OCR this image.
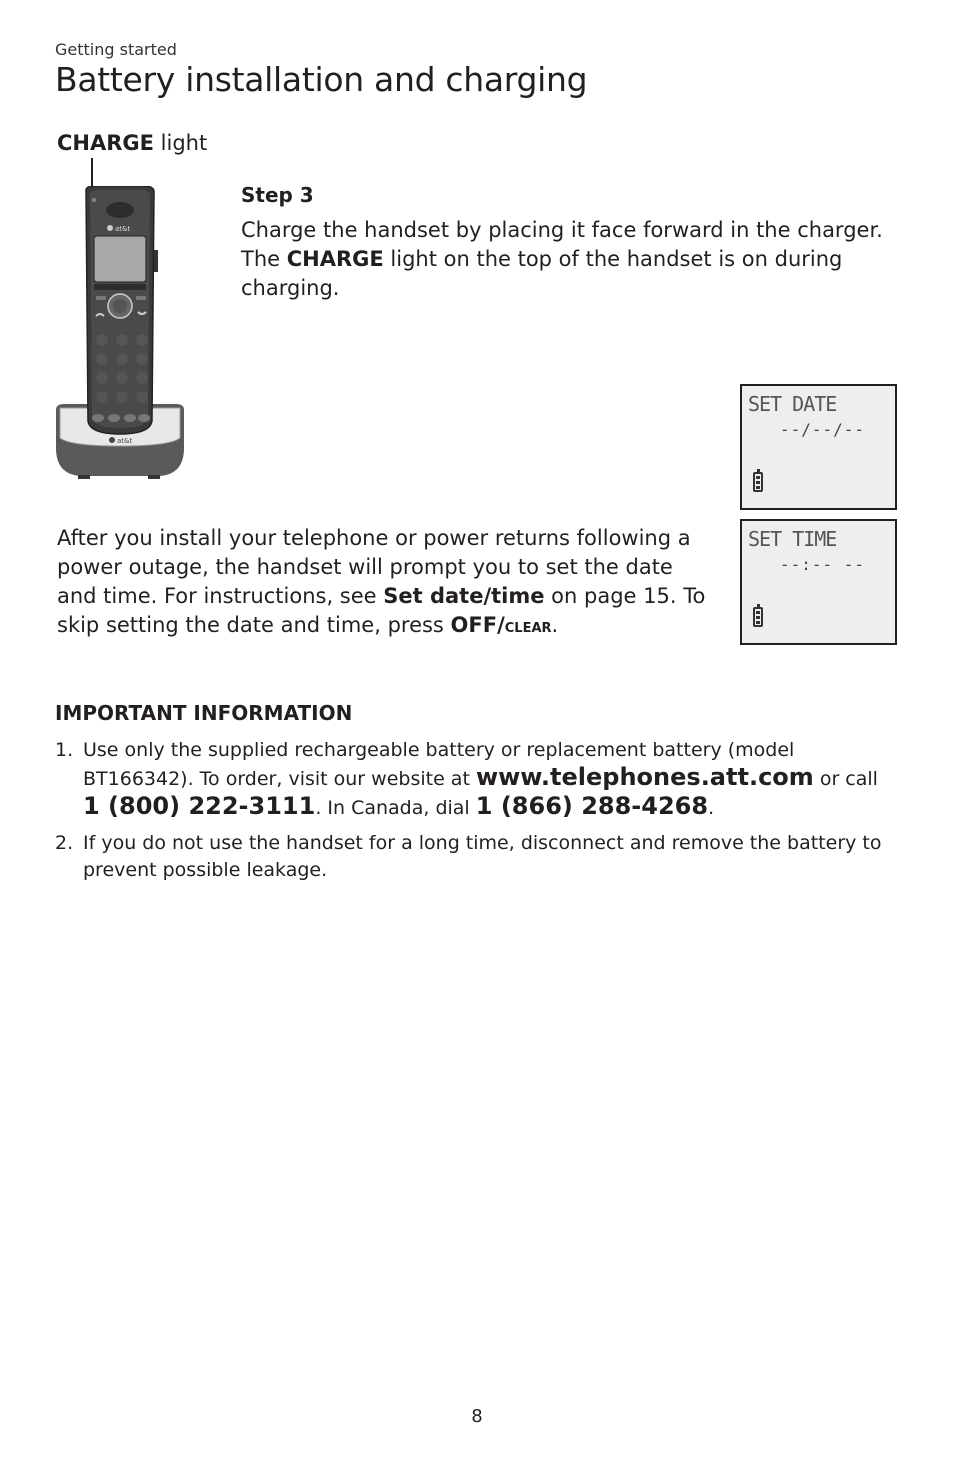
Getting started
Battery installation and charging
CHARGE light
at&t
at&t
Step 3
Charge the handset by placing it face forward in the charger. The CHARGE light on the top of the handset is on during charging.
SET DATE
--/--/--
SET TIME
--:-- --
After you install your telephone or power returns following a power outage, the handset will prompt you to set the date and time. For instructions, see Set date/time on page 15. To skip setting the date and time, press OFF/clear.
IMPORTANT INFORMATION
1. Use only the supplied rechargeable battery or replacement battery (model BT166342). To order, visit our website at www.telephones.att.com or call
1 (800) 222-3111. In Canada, dial 1 (866) 288-4268.
2. If you do not use the handset for a long time, disconnect and remove the battery to prevent possible leakage.
8
